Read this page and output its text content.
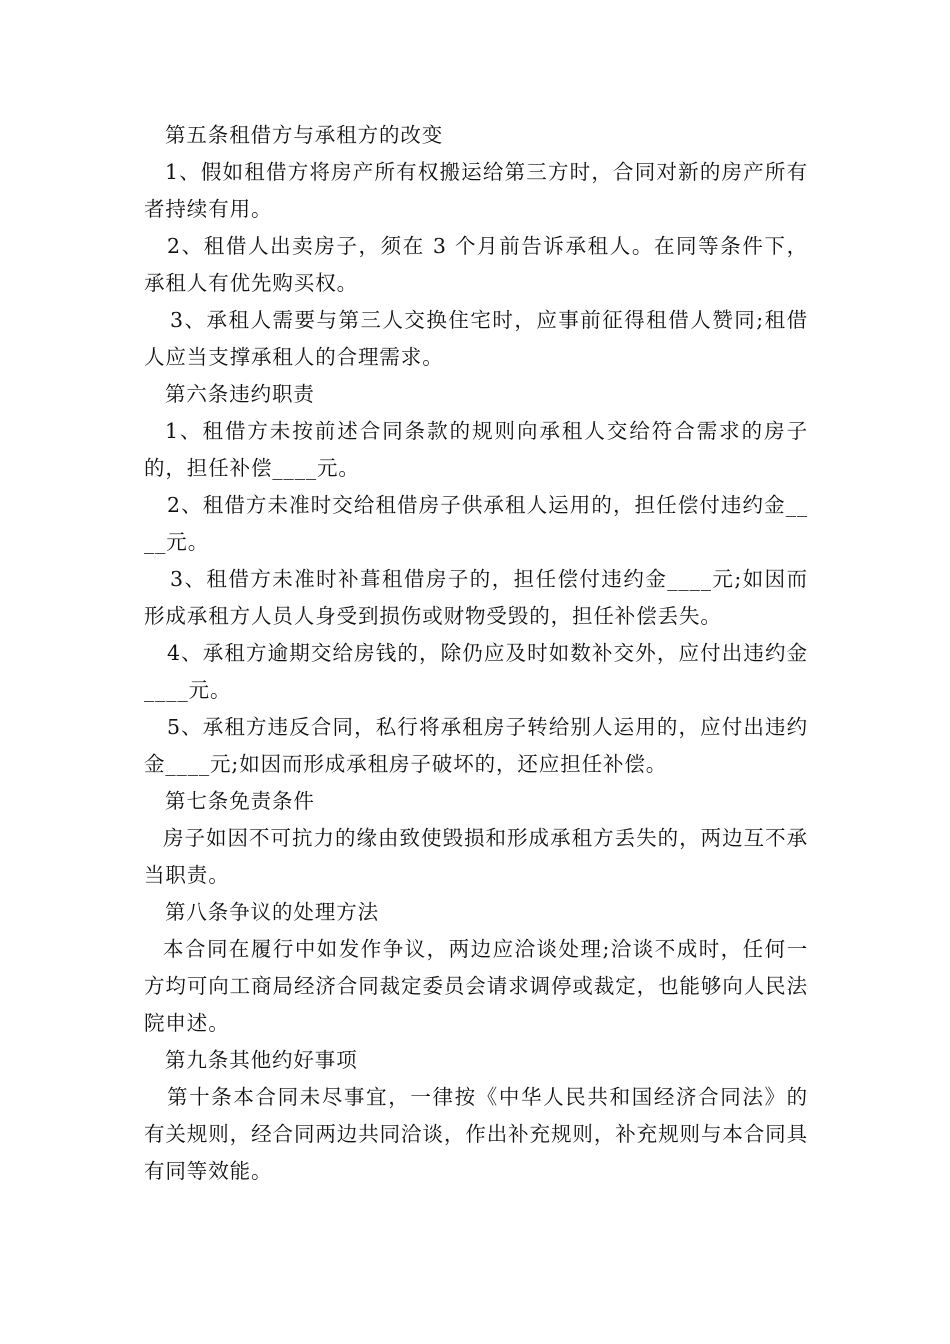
第五条租借方与承租方的改变

1、假如租借方将房产所有权搬运给第三方时，合同对新的房产所有者持续有用。

2、租借人出卖房子，须在 3 个月前告诉承租人。在同等条件下，承租人有优先购买权。

3、承租人需要与第三人交换住宅时，应事前征得租借人赞同;租借人应当支撑承租人的合理需求。

第六条违约职责

1、租借方未按前述合同条款的规则向承租人交给符合需求的房子的，担任补偿____元。

2、租借方未准时交给租借房子供承租人运用的，担任偿付违约金____元。

3、租借方未准时补葺租借房子的，担任偿付违约金____元;如因而形成承租方人员人身受到损伤或财物受毁的，担任补偿丢失。

4、承租方逾期交给房钱的，除仍应及时如数补交外，应付出违约金____元。

5、承租方违反合同，私行将承租房子转给别人运用的，应付出违约金____元;如因而形成承租房子破坏的，还应担任补偿。

第七条免责条件

房子如因不可抗力的缘由致使毁损和形成承租方丢失的，两边互不承当职责。

第八条争议的处理方法

本合同在履行中如发作争议，两边应洽谈处理;洽谈不成时，任何一方均可向工商局经济合同裁定委员会请求调停或裁定，也能够向人民法院申述。

第九条其他约好事项

第十条本合同未尽事宜，一律按《中华人民共和国经济合同法》的有关规则，经合同两边共同洽谈，作出补充规则，补充规则与本合同具有同等效能。
